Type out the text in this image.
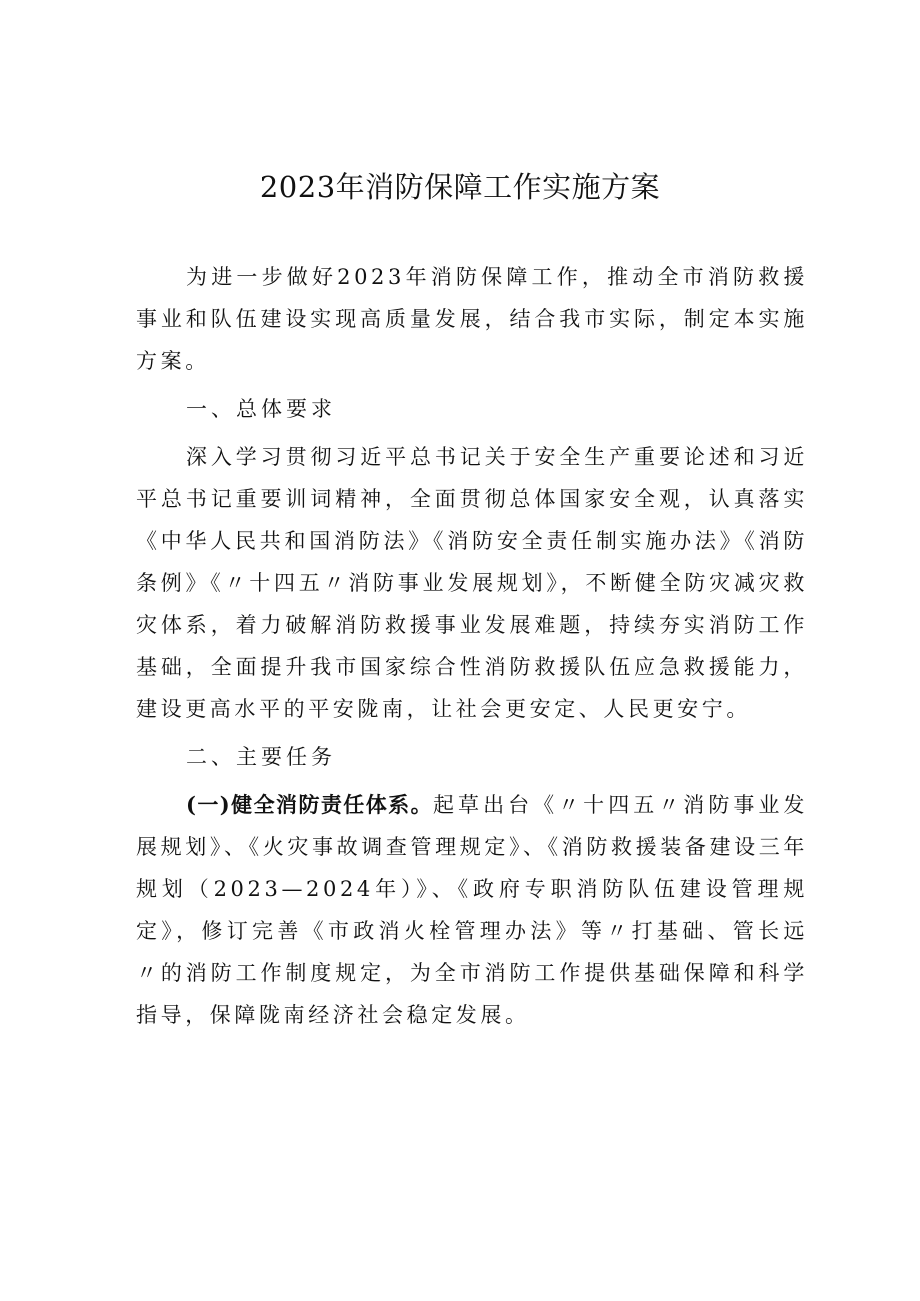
2023年消防保障工作实施方案

为进一步做好2023年消防保障工作，推动全市消防救援事业和队伍建设实现高质量发展，结合我市实际，制定本实施方案。

一、总体要求

深入学习贯彻习近平总书记关于安全生产重要论述和习近平总书记重要训词精神，全面贯彻总体国家安全观，认真落实《中华人民共和国消防法》《消防安全责任制实施办法》《消防条例》《〃十四五〃消防事业发展规划》，不断健全防灾减灾救灾体系，着力破解消防救援事业发展难题，持续夯实消防工作基础，全面提升我市国家综合性消防救援队伍应急救援能力，建设更高水平的平安陇南，让社会更安定、人民更安宁。

二、主要任务

(一)健全消防责任体系。起草出台《〃十四五〃消防事业发展规划》、《火灾事故调查管理规定》、《消防救援装备建设三年规划（2023—2024年）》、《政府专职消防队伍建设管理规定》，修订完善《市政消火栓管理办法》等〃打基础、管长远〃的消防工作制度规定，为全市消防工作提供基础保障和科学指导，保障陇南经济社会稳定发展。
